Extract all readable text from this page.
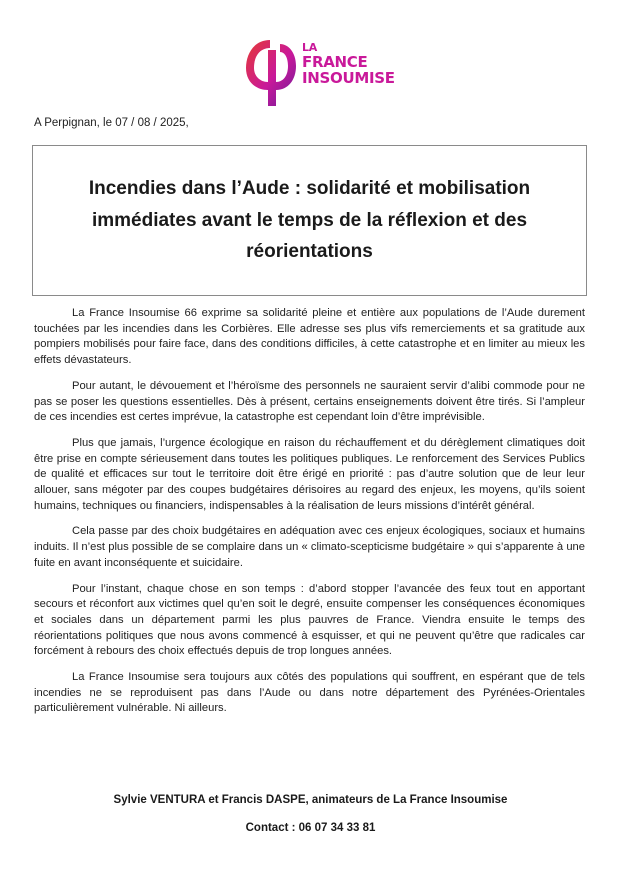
LA
FRANCE
INSOUMISE
A Perpignan, le 07 / 08 / 2025,
Incendies dans l’Aude : solidarité et mobilisation immédiates avant le temps de la réflexion et des réorientations

La France Insoumise 66 exprime sa solidarité pleine et entière aux populations de l’Aude durement touchées par les incendies dans les Corbières. Elle adresse ses plus vifs remerciements et sa gratitude aux pompiers mobilisés pour faire face, dans des conditions difficiles, à cette catastrophe et en limiter au mieux les effets dévastateurs.

Pour autant, le dévouement et l’héroïsme des personnels ne sauraient servir d’alibi commode pour ne pas se poser les questions essentielles. Dès à présent, certains enseignements doivent être tirés. Si l’ampleur de ces incendies est certes imprévue, la catastrophe est cependant loin d’être imprévisible.

Plus que jamais, l’urgence écologique en raison du réchauffement et du dérèglement climatiques doit être prise en compte sérieusement dans toutes les politiques publiques. Le renforcement des Services Publics de qualité et efficaces sur tout le territoire doit être érigé en priorité : pas d’autre solution que de leur leur allouer, sans mégoter par des coupes budgétaires dérisoires au regard des enjeux, les moyens, qu’ils soient humains, techniques ou financiers, indispensables à la réalisation de leurs missions d’intérêt général.

Cela passe par des choix budgétaires en adéquation avec ces enjeux écologiques, sociaux et humains induits. Il n’est plus possible de se complaire dans un « climato-scepticisme budgétaire » qui s’apparente à une fuite en avant inconséquente et suicidaire.

Pour l’instant, chaque chose en son temps : d’abord stopper l’avancée des feux tout en apportant secours et réconfort aux victimes quel qu’en soit le degré, ensuite compenser les conséquences économiques et sociales dans un département parmi les plus pauvres de France. Viendra ensuite le temps des réorientations politiques que nous avons commencé à esquisser, et qui ne peuvent qu’être que radicales car forcément à rebours des choix effectués depuis de trop longues années.

La France Insoumise sera toujours aux côtés des populations qui souffrent, en espérant que de tels incendies ne se reproduisent pas dans l’Aude ou dans notre département des Pyrénées-Orientales particulièrement vulnérable. Ni ailleurs.

Sylvie VENTURA et Francis DASPE, animateurs de La France Insoumise
Contact : 06 07 34 33 81
